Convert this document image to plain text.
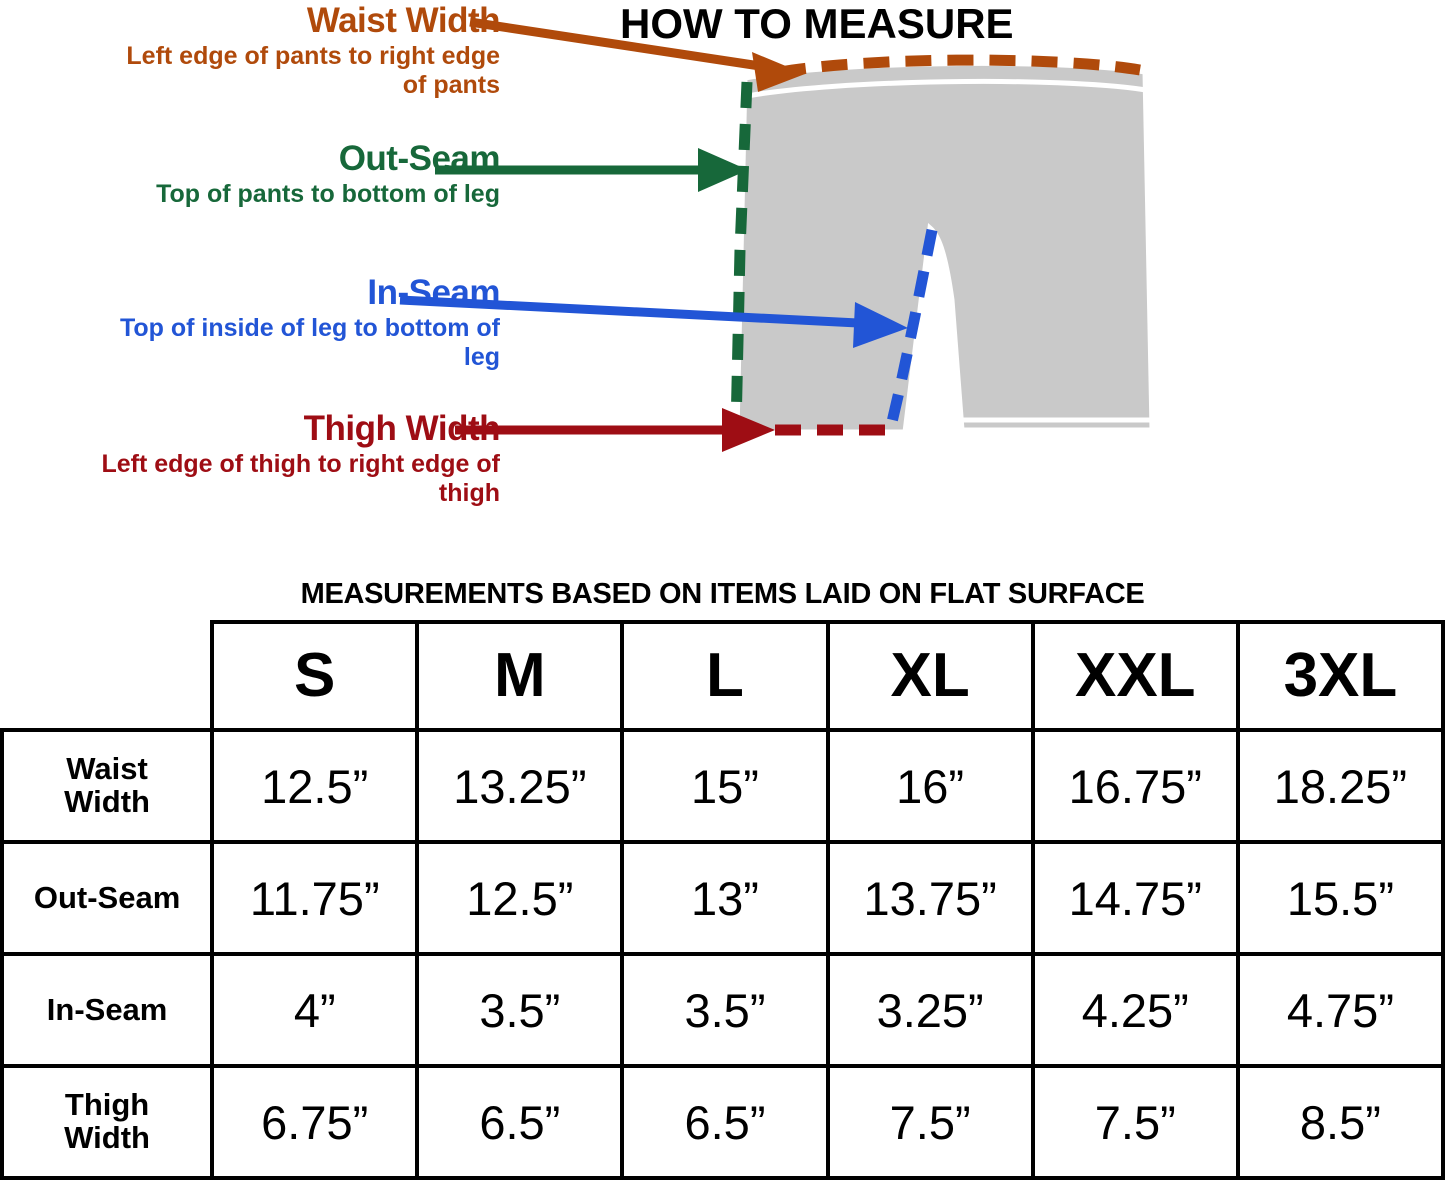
HOW TO MEASURE
Waist Width
Left edge of pants to right edge of pants
Out-Seam
Top of pants to bottom of leg
In-Seam
Top of inside of leg to bottom of leg
Thigh Width
Left edge of thigh to right edge of thigh
MEASUREMENTS BASED ON ITEMS LAID ON FLAT SURFACE
	S	M	L	XL	XXL	3XL
Waist
Width	12.5”	13.25”	15”	16”	16.75”	18.25”
Out-Seam	11.75”	12.5”	13”	13.75”	14.75”	15.5”
In-Seam	4”	3.5”	3.5”	3.25”	4.25”	4.75”
Thigh
Width	6.75”	6.5”	6.5”	7.5”	7.5”	8.5”
